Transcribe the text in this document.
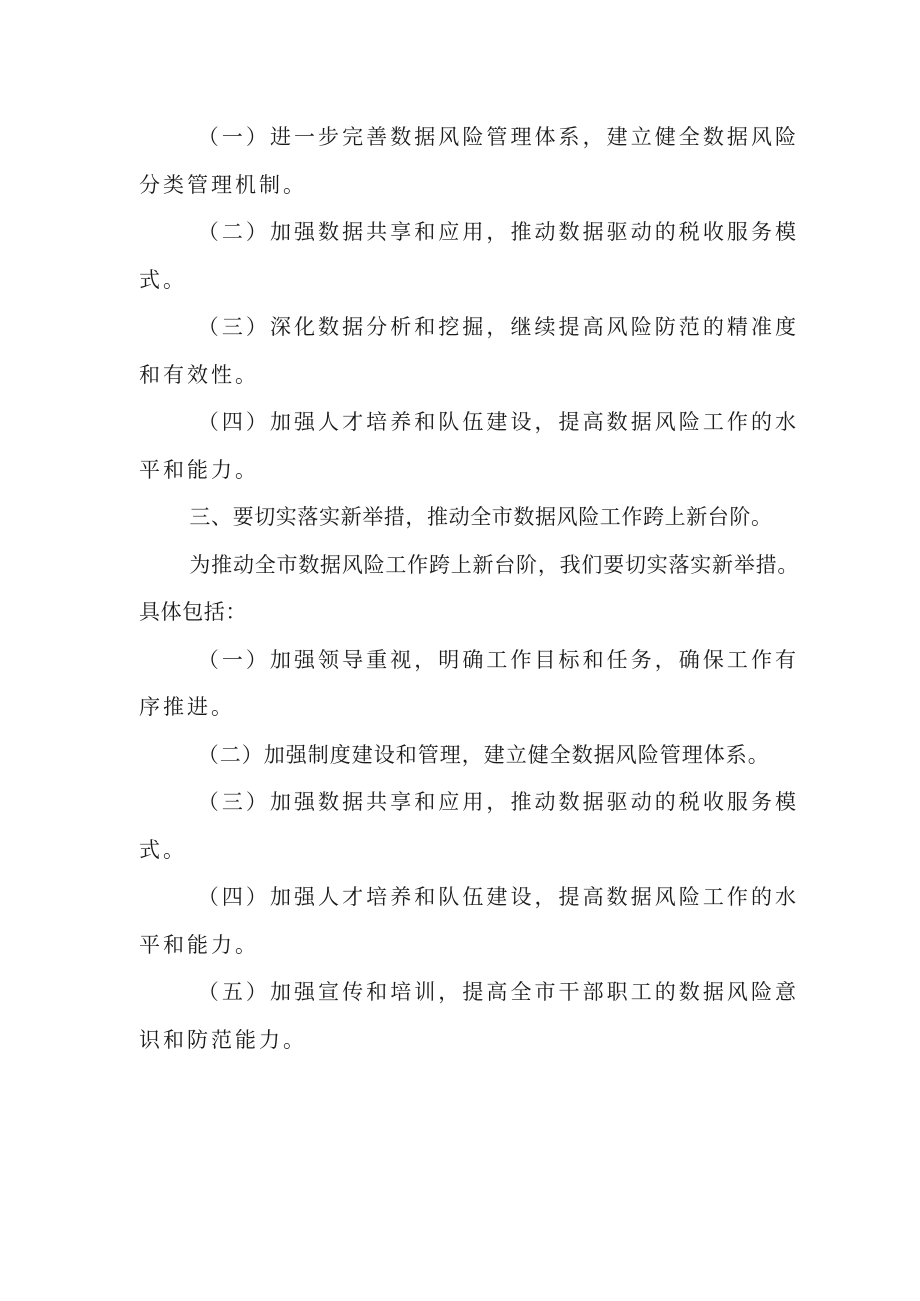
（一）进一步完善数据风险管理体系，建立健全数据风险分类管理机制。

（二）加强数据共享和应用，推动数据驱动的税收服务模式。

（三）深化数据分析和挖掘，继续提高风险防范的精准度和有效性。

（四）加强人才培养和队伍建设，提高数据风险工作的水平和能力。

三、要切实落实新举措，推动全市数据风险工作跨上新台阶。

为推动全市数据风险工作跨上新台阶，我们要切实落实新举措。具体包括：

（一）加强领导重视，明确工作目标和任务，确保工作有序推进。

（二）加强制度建设和管理，建立健全数据风险管理体系。

（三）加强数据共享和应用，推动数据驱动的税收服务模式。

（四）加强人才培养和队伍建设，提高数据风险工作的水平和能力。

（五）加强宣传和培训，提高全市干部职工的数据风险意识和防范能力。
